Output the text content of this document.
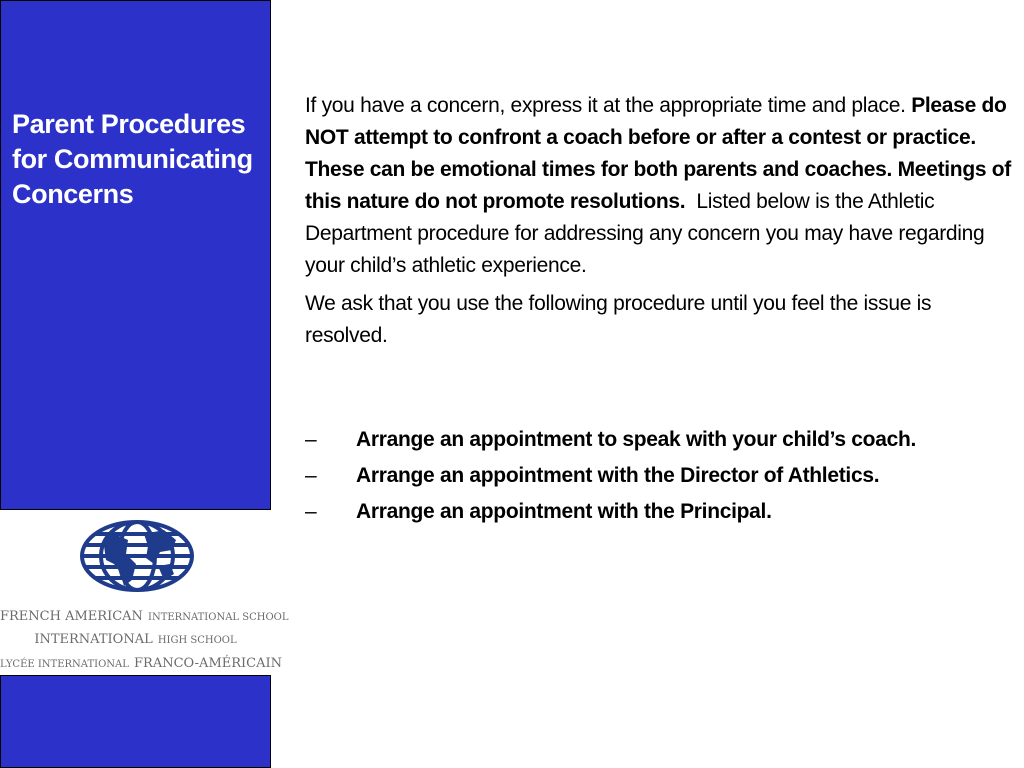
Parent Procedures for Communicating Concerns
FRENCH AMERICAN INTERNATIONAL SCHOOL
INTERNATIONAL HIGH SCHOOL
LYCÉE INTERNATIONAL FRANCO-AMÉRICAIN

If you have a concern, express it at the appropriate time and place. Please do NOT attempt to confront a coach before or after a contest or practice. These can be emotional times for both parents and coaches. Meetings of this nature do not promote resolutions. Listed below is the Athletic Department procedure for addressing any concern you may have regarding your child’s athletic experience.

We ask that you use the following procedure until you feel the issue is resolved.

– Arrange an appointment to speak with your child’s coach.
– Arrange an appointment with the Director of Athletics.
– Arrange an appointment with the Principal.
